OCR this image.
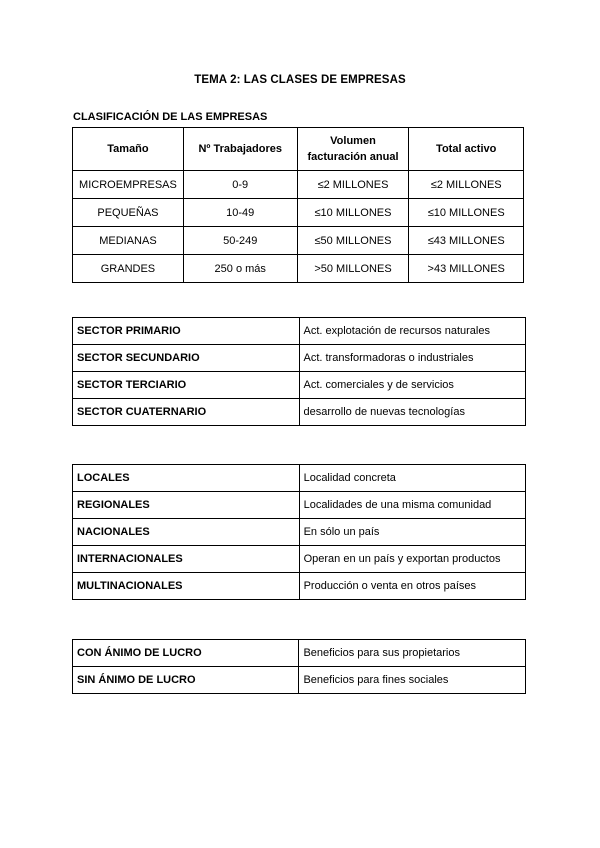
TEMA 2: LAS CLASES DE EMPRESAS
CLASIFICACIÓN DE LAS EMPRESAS
Tamaño	Nº Trabajadores	Volumen facturación anual	Total activo
MICROEMPRESAS	0-9	≤2 MILLONES	≤2 MILLONES
PEQUEÑAS	10-49	≤10 MILLONES	≤10 MILLONES
MEDIANAS	50-249	≤50 MILLONES	≤43 MILLONES
GRANDES	250 o más	>50 MILLONES	>43 MILLONES
SECTOR PRIMARIO	Act. explotación de recursos naturales
SECTOR SECUNDARIO	Act. transformadoras o industriales
SECTOR TERCIARIO	Act. comerciales y de servicios
SECTOR CUATERNARIO	desarrollo de nuevas tecnologías
LOCALES	Localidad concreta
REGIONALES	Localidades de una misma comunidad
NACIONALES	En sólo un país
INTERNACIONALES	Operan en un país y exportan productos
MULTINACIONALES	Producción o venta en otros países
CON ÁNIMO DE LUCRO	Beneficios para sus propietarios
SIN ÁNIMO DE LUCRO	Beneficios para fines sociales
